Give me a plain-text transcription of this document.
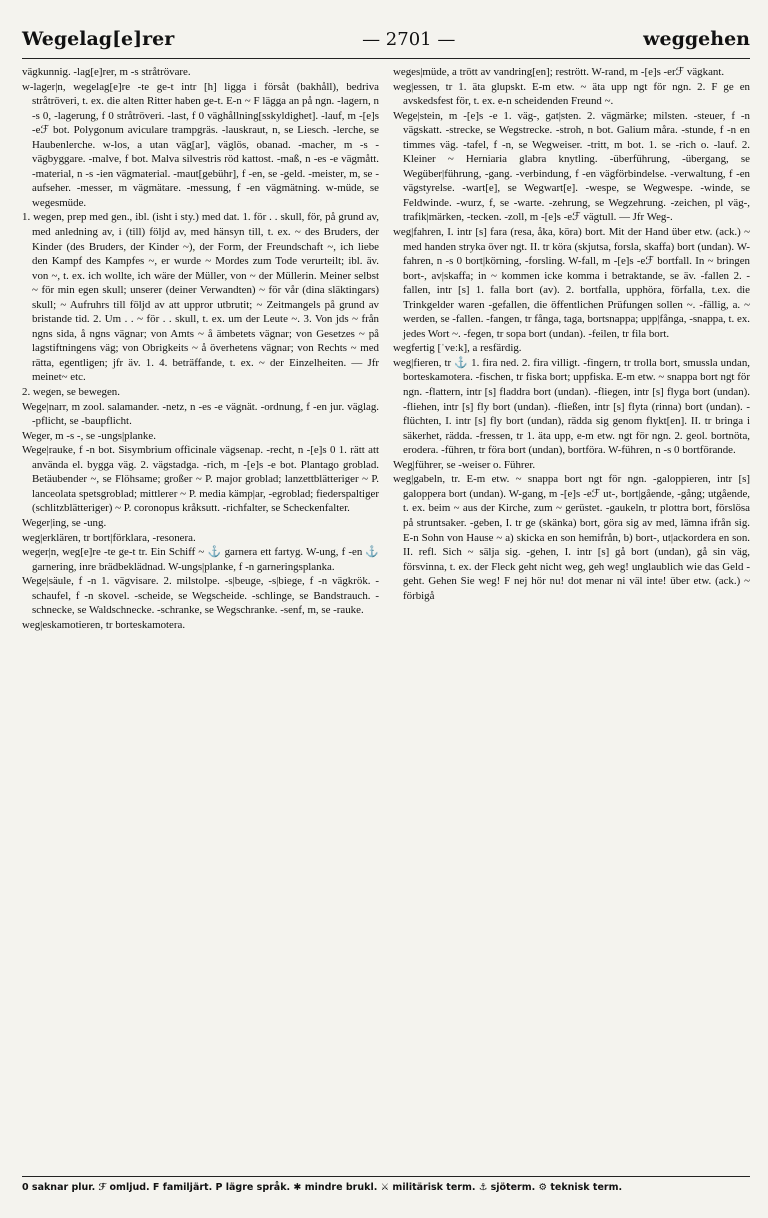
Wegelag[e]rer	— 2701 —	weggehen

vägkunnig. -lag[e]rer, m -s stråtrövare.

w-lager|n, wegelag[e]re -te ge-t intr [h] ligga i försåt (bakhåll), bedriva stråtröveri, t. ex. die alten Ritter haben ge-t. E-n ~ F lägga an på ngn. -lagern, n -s 0, -lagerung, f 0 stråtröveri. -last, f 0 väghållning[sskyldighet]. -lauf, m -[e]s -eℱ bot. Polygonum aviculare trampgräs. -lauskraut, n, se Liesch. -lerche, se Haubenlerche. w-los, a utan väg[ar], väglös, obanad. -macher, m -s - vägbyggare. -malve, f bot. Malva silvestris röd kattost. -maß, n -es -e vägmått. -material, n -s -ien vägmaterial. -maut[gebühr], f -en, se -geld. -meister, m, se -aufseher. -messer, m vägmätare. -messung, f -en vägmätning. w-müde, se wegesmüde.

1. wegen, prep med gen., ibl. (isht i sty.) med dat. 1. för . . skull, för, på grund av, med anledning av, i (till) följd av, med hänsyn till, t. ex. ~ des Bruders, der Kinder (des Bruders, der Kinder ~), der Form, der Freundschaft ~, ich liebe den Kampf des Kampfes ~, er wurde ~ Mordes zum Tode verurteilt; ibl. äv. von ~, t. ex. ich wollte, ich wäre der Müller, von ~ der Müllerin. Meiner selbst ~ för min egen skull; unserer (deiner Verwandten) ~ för vår (dina släktingars) skull; ~ Aufruhrs till följd av att uppror utbrutit; ~ Zeitmangels på grund av bristande tid. 2. Um . . ~ för . . skull, t. ex. um der Leute ~. 3. Von jds ~ från ngns sida, å ngns vägnar; von Amts ~ å ämbetets vägnar; von Gesetzes ~ på lagstiftningens väg; von Obrigkeits ~ å överhetens vägnar; von Rechts ~ med rätta, egentligen; jfr äv. 1. 4. beträffande, t. ex. ~ der Einzelheiten. — Jfr meinet~ etc.

2. wegen, se bewegen.

Wege|narr, m zool. salamander. -netz, n -es -e vägnät. -ordnung, f -en jur. väglag. -pflicht, se -baupflicht.

Weger, m -s -, se -ungs|planke.

Wege|rauke, f -n bot. Sisymbrium officinale vägsenap. -recht, n -[e]s 0 1. rätt att använda el. bygga väg. 2. vägstadga. -rich, m -[e]s -e bot. Plantago groblad. Betäubender ~, se Flöhsame; großer ~ P. major groblad; lanzettblätteriger ~ P. lanceolata spetsgroblad; mittlerer ~ P. media kämp|ar, -egroblad; fiederspaltiger (schlitzblätteriger) ~ P. coronopus kråksutt. -richfalter, se Scheckenfalter.

Weger|ing, se -ung.

weg|erklären, tr bort|förklara, -resonera.

weger|n, weg[e]re -te ge-t tr. Ein Schiff ~ ⚓ garnera ett fartyg. W-ung, f -en ⚓ garnering, inre brädbeklädnad. W-ungs|planke, f -n garneringsplanka.

Wege|säule, f -n 1. vägvisare. 2. milstolpe. -s|beuge, -s|biege, f -n vägkrök. -schaufel, f -n skovel. -scheide, se Wegscheide. -schlinge, se Bandstrauch. -schnecke, se Waldschnecke. -schranke, se Wegschranke. -senf, m, se -rauke.

weg|eskamotieren, tr borteskamotera.

weges|müde, a trött av vandring[en]; restrött. W-rand, m -[e]s -erℱ vägkant.

weg|essen, tr 1. äta glupskt. E-m etw. ~ äta upp ngt för ngn. 2. F ge en avskedsfest för, t. ex. e-n scheidenden Freund ~.

Wege|stein, m -[e]s -e 1. väg-, gat|sten. 2. vägmärke; milsten. -steuer, f -n vägskatt. -strecke, se Wegstrecke. -stroh, n bot. Galium måra. -stunde, f -n en timmes väg. -tafel, f -n, se Wegweiser. -tritt, m bot. 1. se -rich o. -lauf. 2. Kleiner ~ Herniaria glabra knytling. -überführung, -übergang, se Wegüber|führung, -gang. -verbindung, f -en vägförbindelse. -verwaltung, f -en vägstyrelse. -wart[e], se Wegwart[e]. -wespe, se Wegwespe. -winde, se Feldwinde. -wurz, f, se -warte. -zehrung, se Wegzehrung. -zeichen, pl väg-, trafik|märken, -tecken. -zoll, m -[e]s -eℱ vägtull. — Jfr Weg-.

weg|fahren, I. intr [s] fara (resa, åka, köra) bort. Mit der Hand über etw. (ack.) ~ med handen stryka över ngt. II. tr köra (skjutsa, forsla, skaffa) bort (undan). W-fahren, n -s 0 bort|körning, -forsling. W-fall, m -[e]s -eℱ bortfall. In ~ bringen bort-, av|skaffa; in ~ kommen icke komma i betraktande, se äv. -fallen 2. -fallen, intr [s] 1. falla bort (av). 2. bortfalla, upphöra, förfalla, t.ex. die Trinkgelder waren -gefallen, die öffentlichen Prüfungen sollen ~. -fällig, a. ~ werden, se -fallen. -fangen, tr fånga, taga, bortsnappa; upp|fånga, -snappa, t. ex. jedes Wort ~. -fegen, tr sopa bort (undan). -feilen, tr fila bort.

wegfertig [ˈveːk], a resfärdig.

weg|fieren, tr ⚓ 1. fira ned. 2. fira villigt. -fingern, tr trolla bort, smussla undan, borteskamotera. -fischen, tr fiska bort; uppfiska. E-m etw. ~ snappa bort ngt för ngn. -flattern, intr [s] fladdra bort (undan). -fliegen, intr [s] flyga bort (undan). -fliehen, intr [s] fly bort (undan). -fließen, intr [s] flyta (rinna) bort (undan). -flüchten, I. intr [s] fly bort (undan), rädda sig genom flykt[en]. II. tr bringa i säkerhet, rädda. -fressen, tr 1. äta upp, e-m etw. ngt för ngn. 2. geol. bortnöta, erodera. -führen, tr föra bort (undan), bortföra. W-führen, n -s 0 bortförande.

Weg|führer, se -weiser o. Führer.

weg|gabeln, tr. E-m etw. ~ snappa bort ngt för ngn. -galoppieren, intr [s] galoppera bort (undan). W-gang, m -[e]s -eℱ ut-, bort|gående, -gång; utgående, t. ex. beim ~ aus der Kirche, zum ~ gerüstet. -gaukeln, tr plottra bort, förslösa på struntsaker. -geben, I. tr ge (skänka) bort, göra sig av med, lämna ifrån sig. E-n Sohn von Hause ~ a) skicka en son hemifrån, b) bort-, ut|ackordera en son. II. refl. Sich ~ sälja sig. -gehen, I. intr [s] gå bort (undan), gå sin väg, försvinna, t. ex. der Fleck geht nicht weg, geh weg! unglaublich wie das Geld -geht. Gehen Sie weg! F nej hör nu! dot menar ni väl inte! über etw. (ack.) ~ förbigå

0 saknar plur. ℱ omljud. F familjärt. P lägre språk. ✱ mindre brukl. ⚔ militärisk term. ⚓ sjöterm. ⚙ teknisk term.
